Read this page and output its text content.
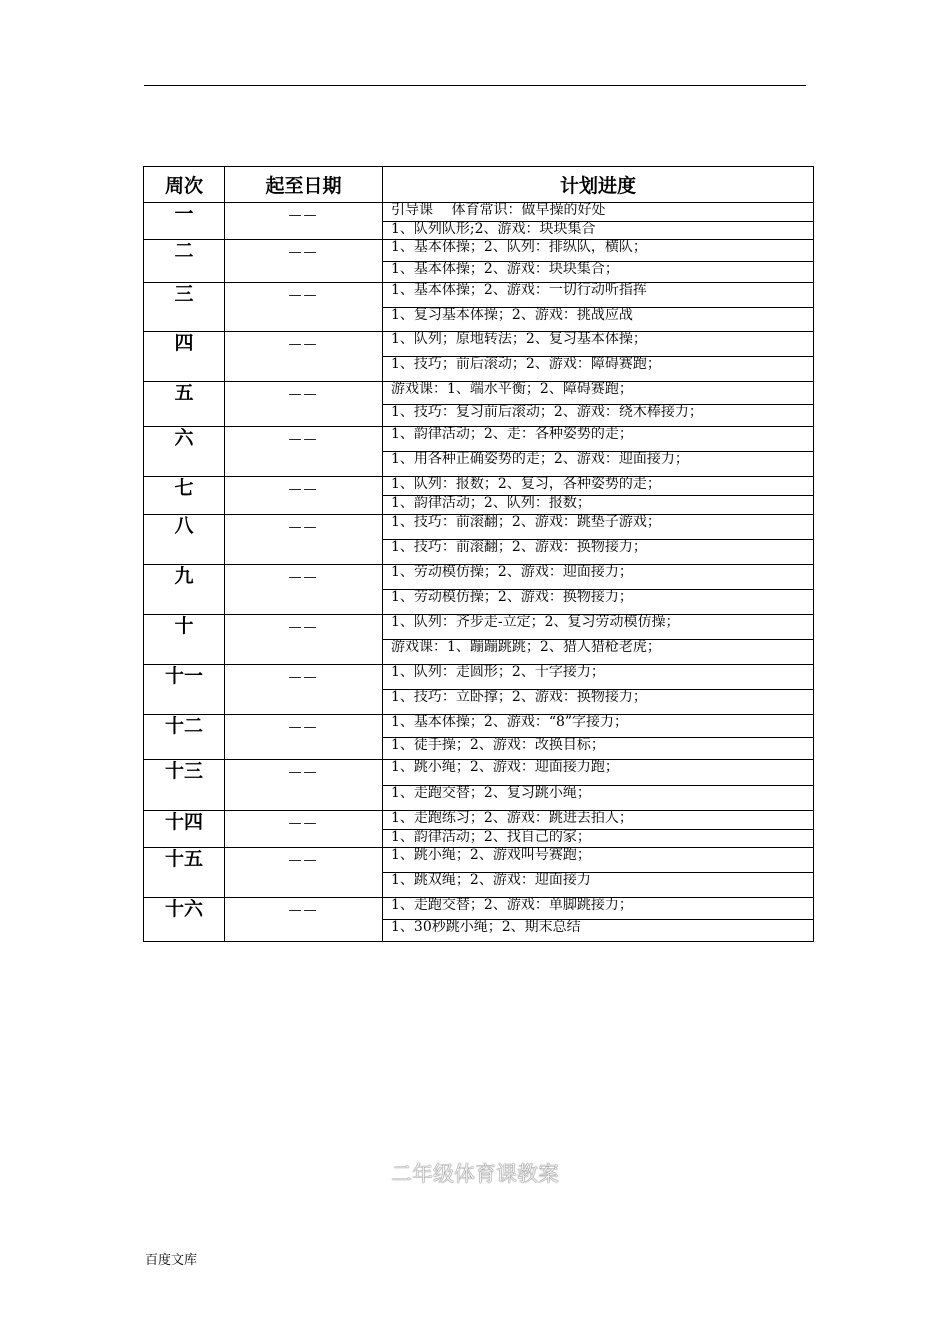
周次	起至日期	计划进度
一	——	引导课　 体育常识：做早操的好处
1、队列队形;2、游戏：块块集合

二	——	1、基本体操；2、队列：排纵队，横队；
1、基本体操；2、游戏：块块集合；

三	——	1、基本体操；2、游戏：一切行动听指挥
1、复习基本体操；2、游戏：挑战应战

四	——	1、队列；原地转法；2、复习基本体操；
1、技巧；前后滚动；2、游戏：障碍赛跑；

五	——	游戏课：1、端水平衡；2、障碍赛跑；
1、技巧：复习前后滚动；2、游戏：绕木棒接力；

六	——	1、韵律活动；2、走：各种姿势的走；
1、用各种正确姿势的走；2、游戏：迎面接力；

七	——	1、队列：报数；2、复习，各种姿势的走；
1、韵律活动；2、队列：报数；

八	——	1、技巧：前滚翻；2、游戏：跳垫子游戏；
1、技巧：前滚翻；2、游戏：换物接力；

九	——	1、劳动模仿操；2、游戏：迎面接力；
1、劳动模仿操；2、游戏：换物接力；

十	——	1、队列：齐步走-立定；2、复习劳动模仿操；
游戏课：1、蹦蹦跳跳；2、猎人猎枪老虎；

十一	——	1、队列：走圆形；2、十字接力；
1、技巧：立卧撑；2、游戏：换物接力；

十二	——	1、基本体操；2、游戏：“8”字接力；
1、徒手操；2、游戏：改换目标；

十三	——	1、跳小绳；2、游戏：迎面接力跑；
1、走跑交替；2、复习跳小绳；

十四	——	1、走跑练习；2、游戏：跳进去拍人；
1、韵律活动；2、找自己的家；

十五	——	1、跳小绳；2、游戏叫号赛跑；
1、跳双绳；2、游戏：迎面接力

十六	——	1、走跑交替；2、游戏：单脚跳接力；
1、30秒跳小绳；2、期末总结
二年级体育课教案
百度文库
